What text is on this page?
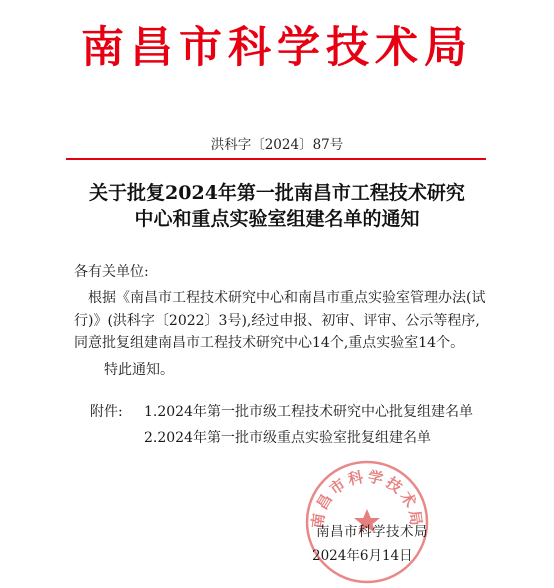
南昌市科学技术局
洪科字〔2024〕87号
关于批复2024年第一批南昌市工程技术研究
中心和重点实验室组建名单的通知
各有关单位:
根据《南昌市工程技术研究中心和南昌市重点实验室管理办法(试
行)》(洪科字〔2022〕3号),经过申报、初审、评审、公示等程序,
同意批复组建南昌市工程技术研究中心14个,重点实验室14个。
特此通知。
附件: 1.2024年第一批市级工程技术研究中心批复组建名单
2.2024年第一批市级重点实验室批复组建名单
南昌市科学技术局
南昌市科学技术局
2024年6月14日
